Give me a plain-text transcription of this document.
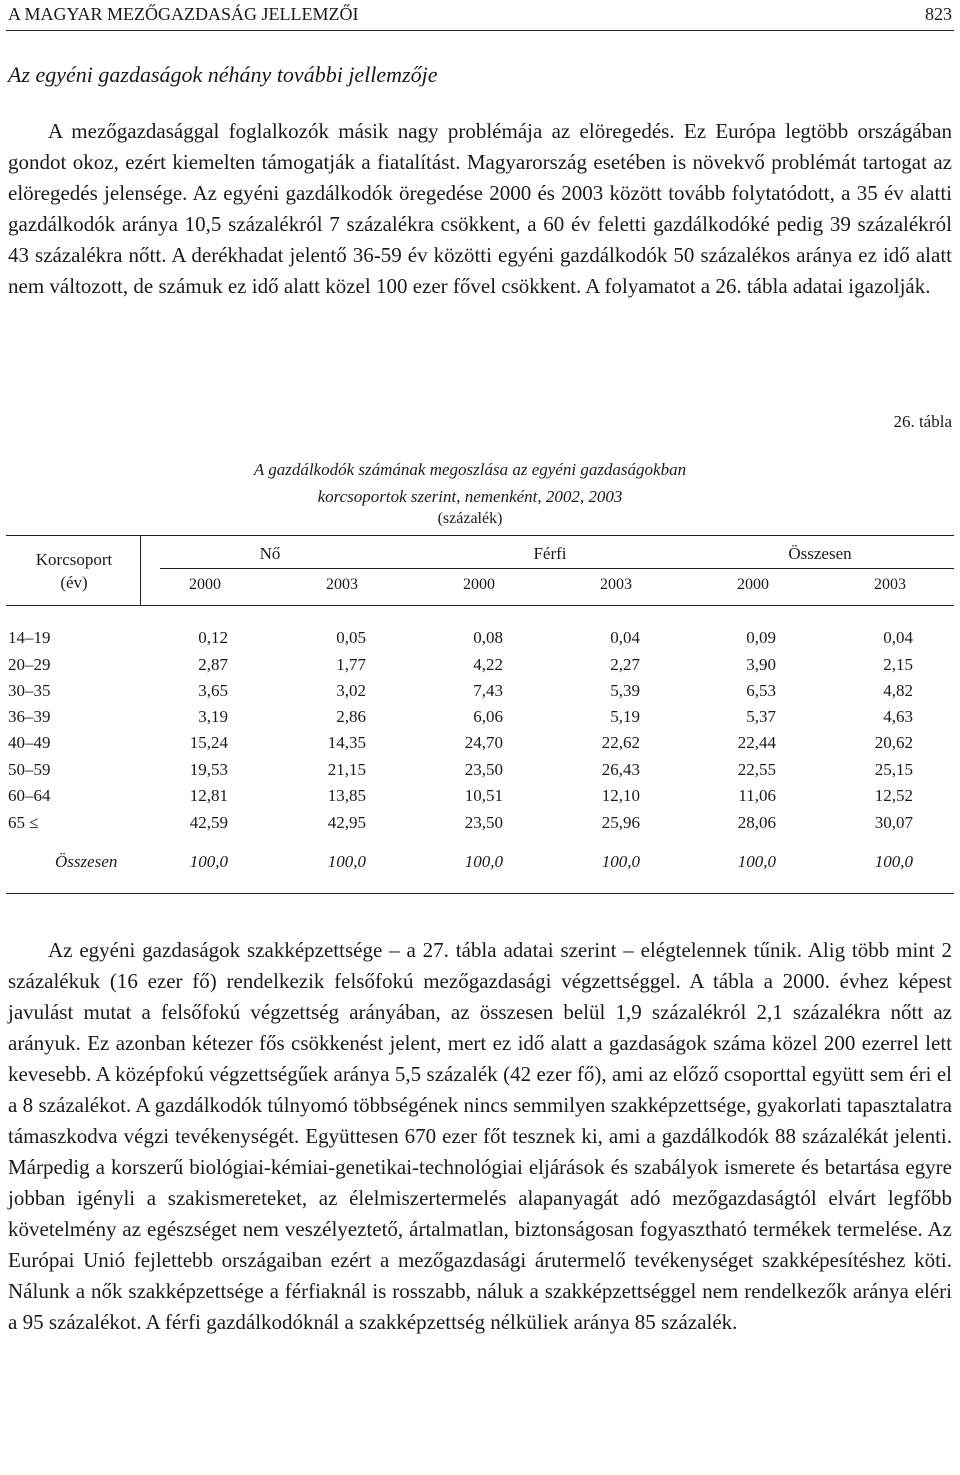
A MAGYAR MEZŐGAZDASÁG JELLEMZŐI	823
Az egyéni gazdaságok néhány további jellemzője

A mezőgazdasággal foglalkozók másik nagy problémája az elöregedés. Ez Európa legtöbb országában gondot okoz, ezért kiemelten támogatják a fiatalítást. Magyarország esetében is növekvő problémát tartogat az elöregedés jelensége. Az egyéni gazdálkodók öregedése 2000 és 2003 között tovább folytatódott, a 35 év alatti gazdálkodók aránya 10,5 százalékról 7 százalékra csökkent, a 60 év feletti gazdálkodóké pedig 39 százalékról 43 százalékra nőtt. A derékhadat jelentő 36-59 év közötti egyéni gazdálkodók 50 százalékos aránya ez idő alatt nem változott, de számuk ez idő alatt közel 100 ezer fővel csökkent. A folyamatot a 26. tábla adatai igazolják.

26. tábla
A gazdálkodók számának megoszlása az egyéni gazdaságokban
korcsoportok szerint, nemenként, 2002, 2003
(százalék)
Korcsoport
(év)
Nő	Férfi	Összesen
2000	2003	2000	2003	2000	2003
14–19	0,12	0,05	0,08	0,04	0,09	0,04
20–29	2,87	1,77	4,22	2,27	3,90	2,15
30–35	3,65	3,02	7,43	5,39	6,53	4,82
36–39	3,19	2,86	6,06	5,19	5,37	4,63
40–49	15,24	14,35	24,70	22,62	22,44	20,62
50–59	19,53	21,15	23,50	26,43	22,55	25,15
60–64	12,81	13,85	10,51	12,10	11,06	12,52
65 ≤	42,59	42,95	23,50	25,96	28,06	30,07
Összesen	100,0	100,0	100,0	100,0	100,0	100,0

Az egyéni gazdaságok szakképzettsége – a 27. tábla adatai szerint – elégtelennek tűnik. Alig több mint 2 százalékuk (16 ezer fő) rendelkezik felsőfokú mezőgazdasági végzettséggel. A tábla a 2000. évhez képest javulást mutat a felsőfokú végzettség arányában, az összesen belül 1,9 százalékról 2,1 százalékra nőtt az arányuk. Ez azonban kétezer fős csökkenést jelent, mert ez idő alatt a gazdaságok száma közel 200 ezerrel lett kevesebb. A középfokú végzettségűek aránya 5,5 százalék (42 ezer fő), ami az előző csoporttal együtt sem éri el a 8 százalékot. A gazdálkodók túlnyomó többségének nincs semmilyen szakképzettsége, gyakorlati tapasztalatra támaszkodva végzi tevékenységét. Együttesen 670 ezer főt tesznek ki, ami a gazdálkodók 88 százalékát jelenti. Márpedig a korszerű biológiai-kémiai-genetikai-technológiai eljárások és szabályok ismerete és betartása egyre jobban igényli a szakismereteket, az élelmiszertermelés alapanyagát adó mezőgazdaságtól elvárt legfőbb követelmény az egészséget nem veszélyeztető, ártalmatlan, biztonságosan fogyasztható termékek termelése. Az Európai Unió fejlettebb országaiban ezért a mezőgazdasági árutermelő tevékenységet szakképesítéshez köti. Nálunk a nők szakképzettsége a férfiaknál is rosszabb, náluk a szakképzettséggel nem rendelkezők aránya eléri a 95 százalékot. A férfi gazdálkodóknál a szakképzettség nélküliek aránya 85 százalék.
